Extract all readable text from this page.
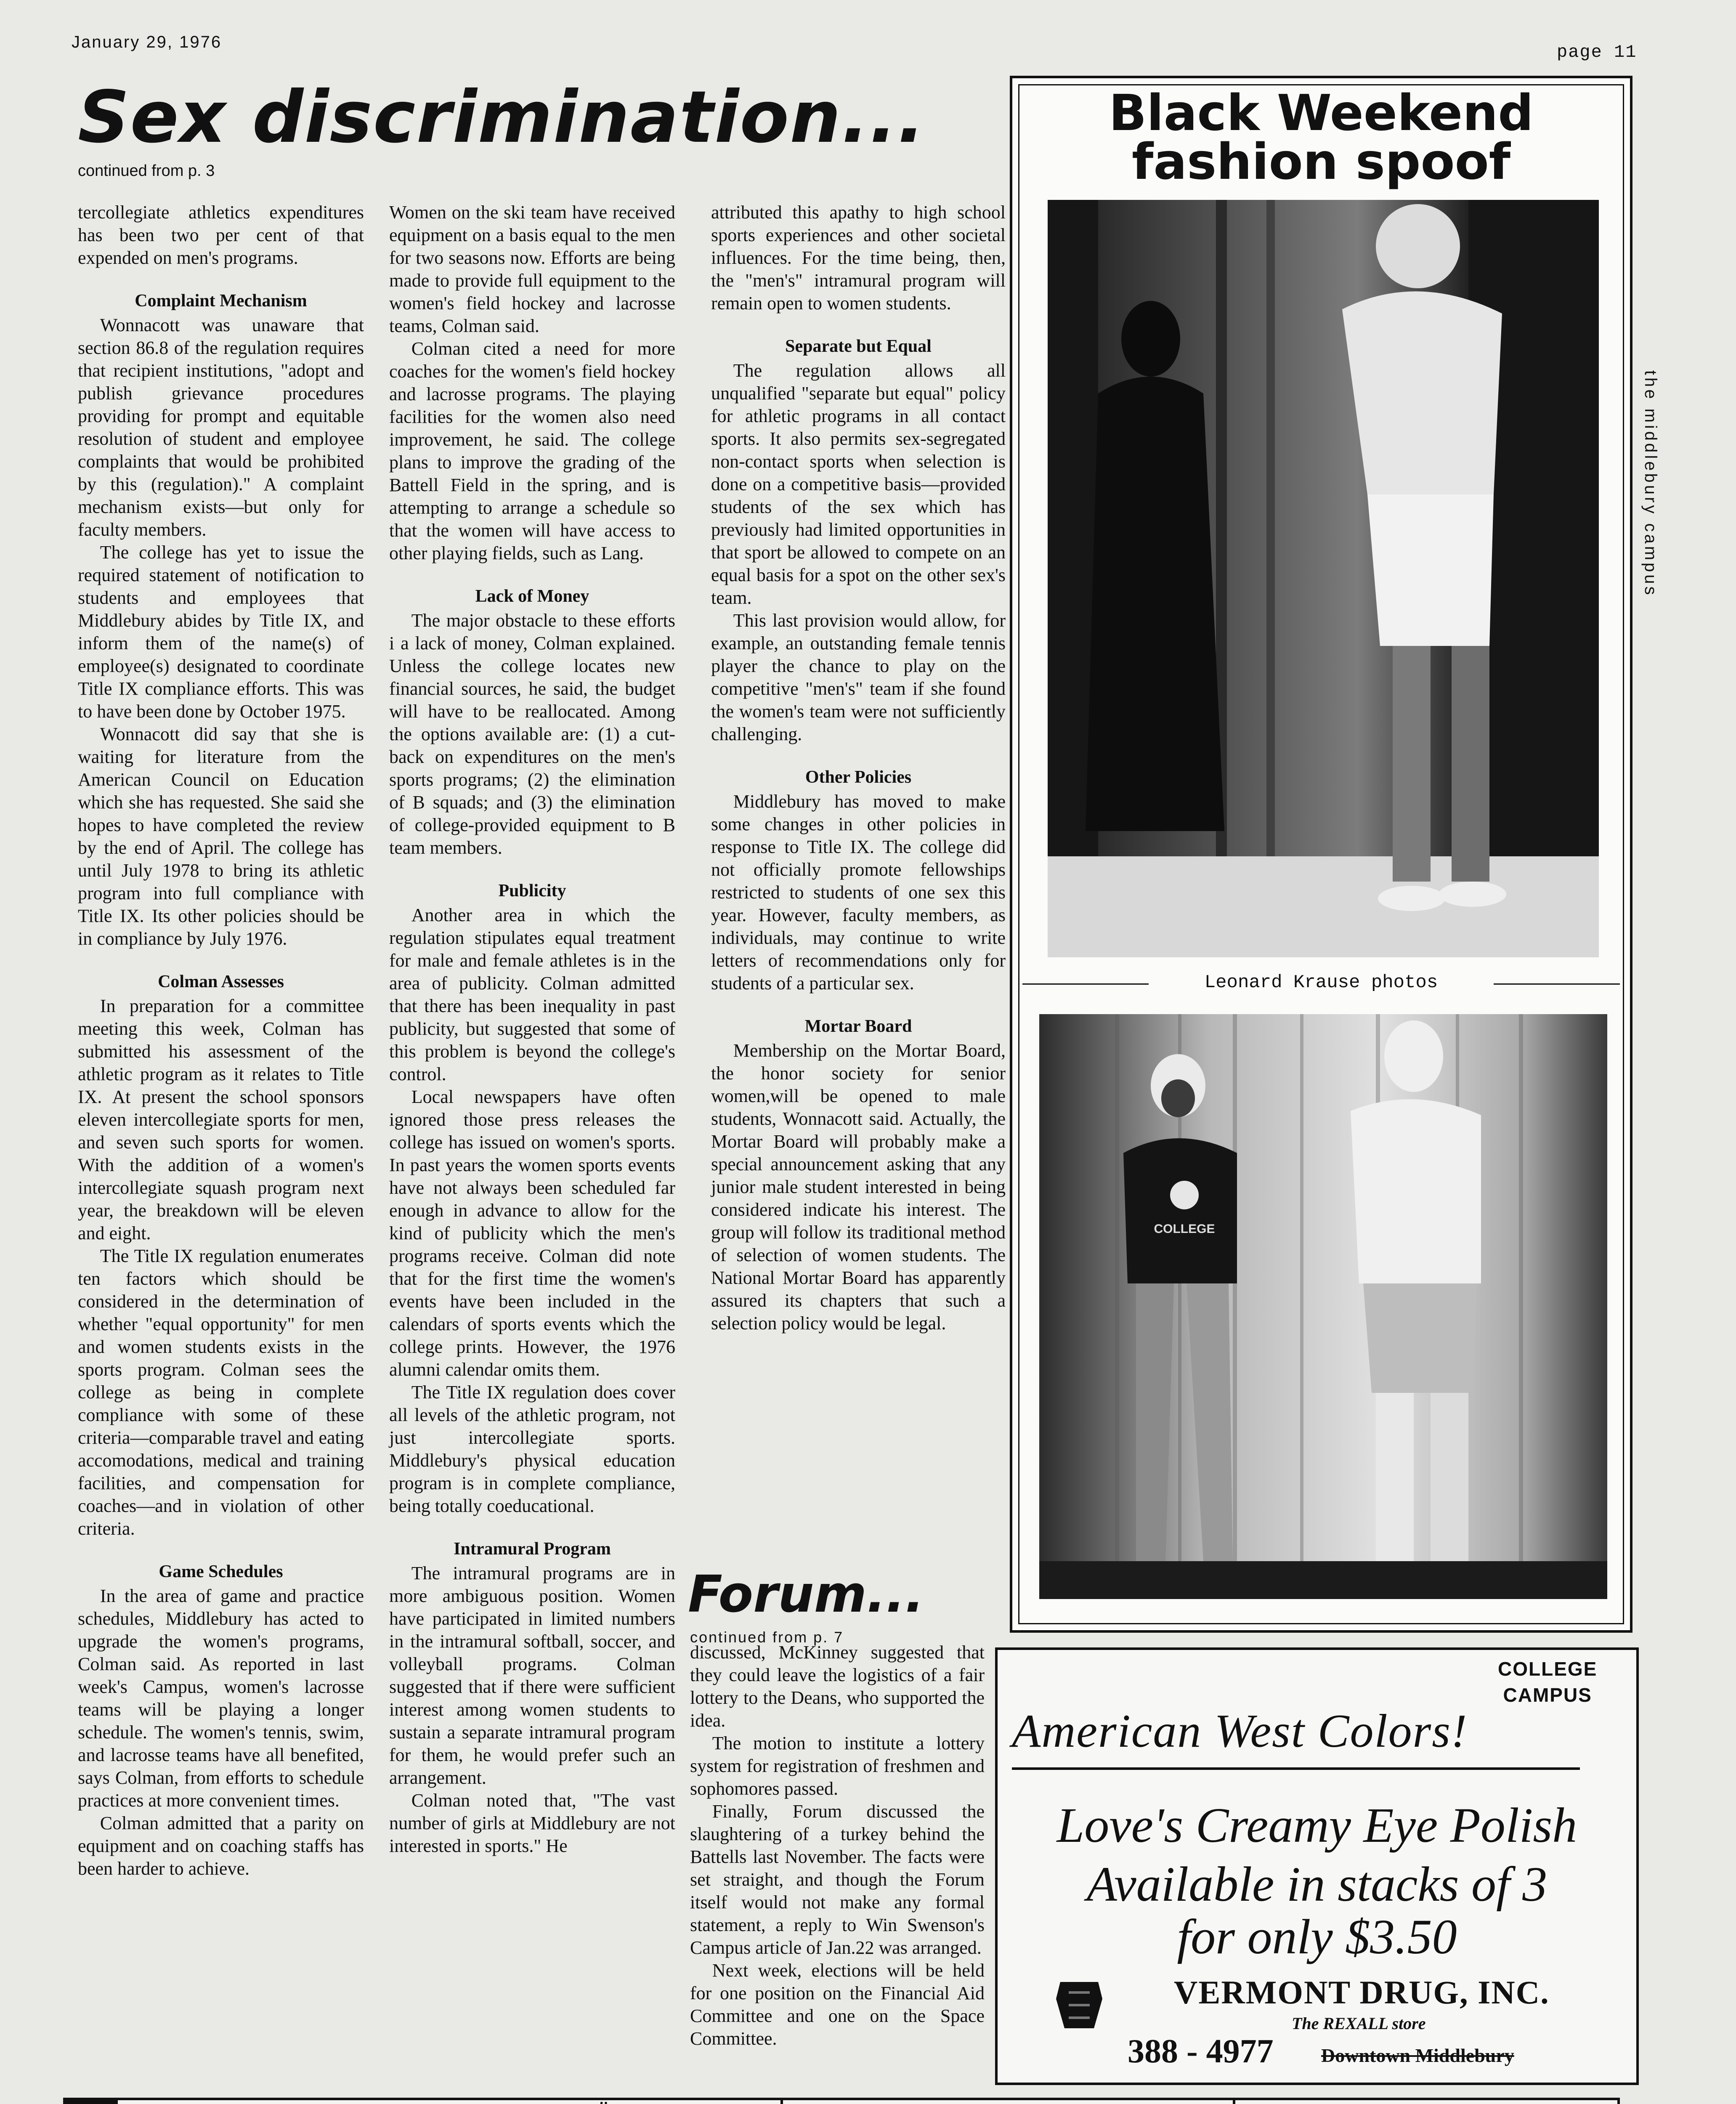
January 29, 1976	page 11
the middlebury campus
Sex discrimination...
continued from p. 3

tercollegiate athletics expenditures has been two per cent of that expended on men's programs.

Complaint Mechanism

Wonnacott was unaware that section 86.8 of the regulation requires that recipient institutions, "adopt and publish grievance procedures providing for prompt and equitable resolution of student and employee complaints that would be prohibited by this (regulation)." A complaint mechanism exists—but only for faculty members.

The college has yet to issue the required statement of notification to students and employees that Middlebury abides by Title IX, and inform them of the name(s) of employee(s) designated to coordinate Title IX compliance efforts. This was to have been done by October 1975.

Wonnacott did say that she is waiting for literature from the American Council on Education which she has requested. She said she hopes to have completed the review by the end of April. The college has until July 1978 to bring its athletic program into full compliance with Title IX. Its other policies should be in compliance by July 1976.

Colman Assesses

In preparation for a committee meeting this week, Colman has submitted his assessment of the athletic program as it relates to Title IX. At present the school sponsors eleven intercollegiate sports for men, and seven such sports for women. With the addition of a women's intercollegiate squash program next year, the breakdown will be eleven and eight.

The Title IX regulation enumerates ten factors which should be considered in the determination of whether "equal opportunity" for men and women students exists in the sports program. Colman sees the college as being in complete compliance with some of these criteria—comparable travel and eating accomodations, medical and training facilities, and compensation for coaches—and in violation of other criteria.

Game Schedules

In the area of game and practice schedules, Middlebury has acted to upgrade the women's programs, Colman said. As reported in last week's Campus, women's lacrosse teams will be playing a longer schedule. The women's tennis, swim, and lacrosse teams have all benefited, says Colman, from efforts to schedule practices at more convenient times.

Colman admitted that a parity on equipment and on coaching staffs has been harder to achieve.

Women on the ski team have received equipment on a basis equal to the men for two seasons now. Efforts are being made to provide full equipment to the women's field hockey and lacrosse teams, Colman said.

Colman cited a need for more coaches for the women's field hockey and lacrosse programs. The playing facilities for the women also need improvement, he said. The college plans to improve the grading of the Battell Field in the spring, and is attempting to arrange a schedule so that the women will have access to other playing fields, such as Lang.

Lack of Money

The major obstacle to these efforts i a lack of money, Colman explained. Unless the college locates new financial sources, he said, the budget will have to be reallocated. Among the options available are: (1) a cut-back on expenditures on the men's sports programs; (2) the elimination of B squads; and (3) the elimination of college-provided equipment to B team members.

Publicity

Another area in which the regulation stipulates equal treatment for male and female athletes is in the area of publicity. Colman admitted that there has been inequality in past publicity, but suggested that some of this problem is beyond the college's control.

Local newspapers have often ignored those press releases the college has issued on women's sports. In past years the women sports events have not always been scheduled far enough in advance to allow for the kind of publicity which the men's programs receive. Colman did note that for the first time the women's events have been included in the calendars of sports events which the college prints. However, the 1976 alumni calendar omits them.

The Title IX regulation does cover all levels of the athletic program, not just intercollegiate sports. Middlebury's physical education program is in complete compliance, being totally coeducational.

Intramural Program

The intramural programs are in more ambiguous position. Women have participated in limited numbers in the intramural softball, soccer, and volleyball programs. Colman suggested that if there were sufficient interest among women students to sustain a separate intramural program for them, he would prefer such an arrangement.

Colman noted that, "The vast number of girls at Middlebury are not interested in sports." He

attributed this apathy to high school sports experiences and other societal influences. For the time being, then, the "men's" intramural program will remain open to women students.

Separate but Equal

The regulation allows all unqualified "separate but equal" policy for athletic programs in all contact sports. It also permits sex-segregated non-contact sports when selection is done on a competitive basis—provided students of the sex which has previously had limited opportunities in that sport be allowed to compete on an equal basis for a spot on the other sex's team.

This last provision would allow, for example, an outstanding female tennis player the chance to play on the competitive "men's" team if she found the women's team were not sufficiently challenging.

Other Policies

Middlebury has moved to make some changes in other policies in response to Title IX. The college did not officially promote fellowships restricted to students of one sex this year. However, faculty members, as individuals, may continue to write letters of recommendations only for students of a particular sex.

Mortar Board

Membership on the Mortar Board, the honor society for senior women,will be opened to male students, Wonnacott said. Actually, the Mortar Board will probably make a special announcement asking that any junior male student interested in being considered indicate his interest. The group will follow its traditional method of selection of women students. The National Mortar Board has apparently assured its chapters that such a selection policy would be legal.

Forum...
continued from p. 7

discussed, McKinney suggested that they could leave the logistics of a fair lottery to the Deans, who supported the idea.

The motion to institute a lottery system for registration of freshmen and sophomores passed.

Finally, Forum discussed the slaughtering of a turkey behind the Battells last November. The facts were set straight, and though the Forum itself would not make any formal statement, a reply to Win Swenson's Campus article of Jan.22 was arranged.

Next week, elections will be held for one position on the Financial Aid Committee and one on the Space Committee.

Black Weekend
fashion spoof
Leonard Krause photos
COLLEGE
COLLEGE
CAMPUS
American West Colors!
Love's Creamy Eye Polish
Available in stacks of 3
for only $3.50
VERMONT DRUG, INC.
The REXALL store
388 - 4977 Downtown Middlebury
